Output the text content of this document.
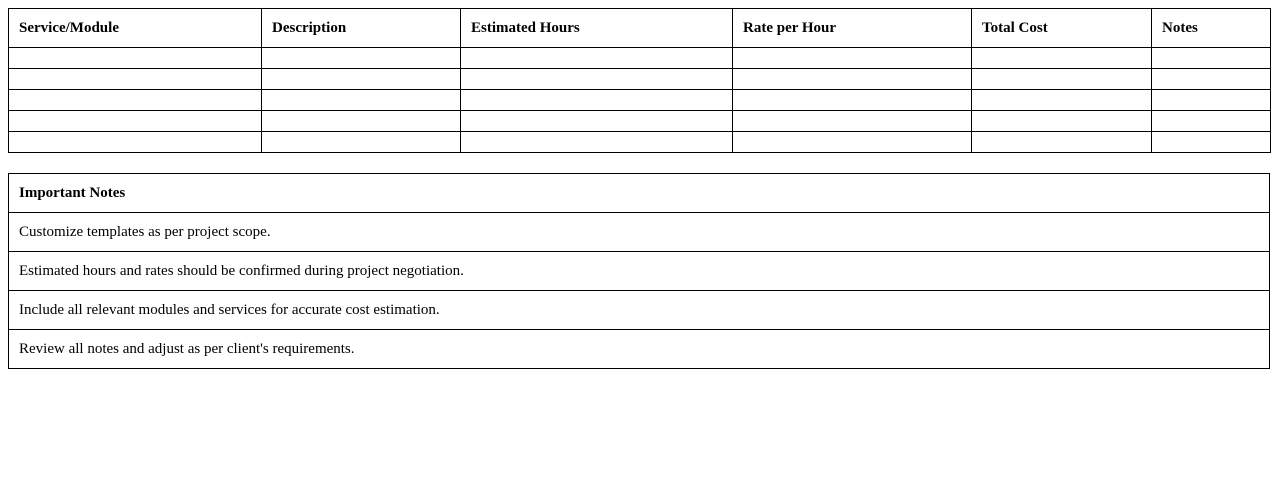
Service/Module	Description	Estimated Hours	Rate per Hour	Total Cost	Notes

Important Notes
Customize templates as per project scope.
Estimated hours and rates should be confirmed during project negotiation.
Include all relevant modules and services for accurate cost estimation.
Review all notes and adjust as per client's requirements.
